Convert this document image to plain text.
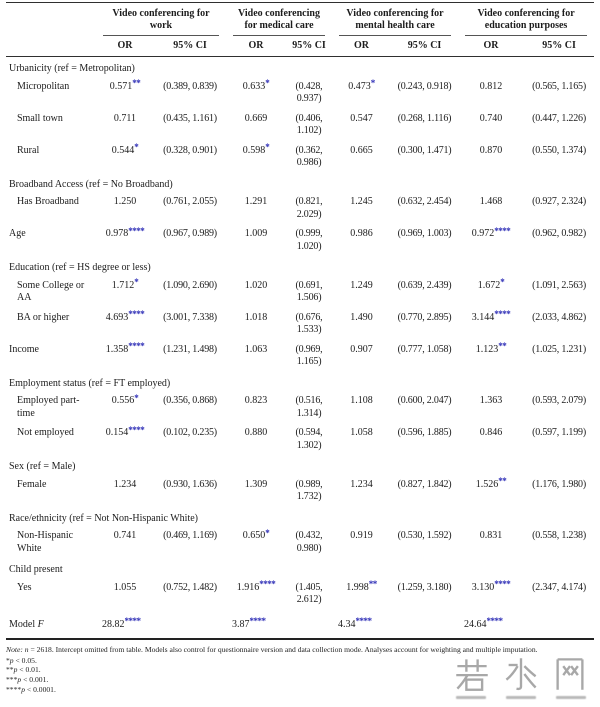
	Video conferencing for work		Video conferencing for medical care		Video conferencing for mental health care		Video conferencing for education purposes	

	OR	95% CI	OR	95% CI	OR	95% CI	OR	95% CI
Urbanicity (ref = Metropolitan)								
Micropolitan	0.571**	(0.389, 0.839)	0.633*	(0.428, 0.937)	0.473*	(0.243, 0.918)	0.812	(0.565, 1.165)
Small town	0.711	(0.435, 1.161)	0.669	(0.406, 1.102)	0.547	(0.268, 1.116)	0.740	(0.447, 1.226)
Rural	0.544*	(0.328, 0.901)	0.598*	(0.362, 0.986)	0.665	(0.300, 1.471)	0.870	(0.550, 1.374)
Broadband Access (ref = No Broadband)								
Has Broadband	1.250	(0.761, 2.055)	1.291	(0.821, 2.029)	1.245	(0.632, 2.454)	1.468	(0.927, 2.324)
Age	0.978****	(0.967, 0.989)	1.009	(0.999, 1.020)	0.986	(0.969, 1.003)	0.972****	(0.962, 0.982)
Education (ref = HS degree or less)								
Some College or AA	1.712*	(1.090, 2.690)	1.020	(0.691, 1.506)	1.249	(0.639, 2.439)	1.672*	(1.091, 2.563)
BA or higher	4.693****	(3.001, 7.338)	1.018	(0.676, 1.533)	1.490	(0.770, 2.895)	3.144****	(2.033, 4.862)
Income	1.358****	(1.231, 1.498)	1.063	(0.969, 1.165)	0.907	(0.777, 1.058)	1.123**	(1.025, 1.231)
Employment status (ref = FT employed)								
Employed part-time	0.556*	(0.356, 0.868)	0.823	(0.516, 1.314)	1.108	(0.600, 2.047)	1.363	(0.593, 2.079)
Not employed	0.154****	(0.102, 0.235)	0.880	(0.594, 1.302)	1.058	(0.596, 1.885)	0.846	(0.597, 1.199)
Sex (ref = Male)								
Female	1.234	(0.930, 1.636)	1.309	(0.989, 1.732)	1.234	(0.827, 1.842)	1.526**	(1.176, 1.980)
Race/ethnicity (ref = Not Non-Hispanic White)								
Non-Hispanic White	0.741	(0.469, 1.169)	0.650*	(0.432, 0.980)	0.919	(0.530, 1.592)	0.831	(0.558, 1.238)
Child present								
Yes	1.055	(0.752, 1.482)	1.916****	(1.405, 2.612)	1.998**	(1.259, 3.180)	3.130****	(2.347, 4.174)
Model F	28.82****		3.87****		4.34****		24.64****	
Note: n = 2618. Intercept omitted from table. Models also control for questionnaire version and data collection mode. Analyses account for weighting and multiple imputation.
*p < 0.05.
**p < 0.01.
***p < 0.001.
****p < 0.0001.
